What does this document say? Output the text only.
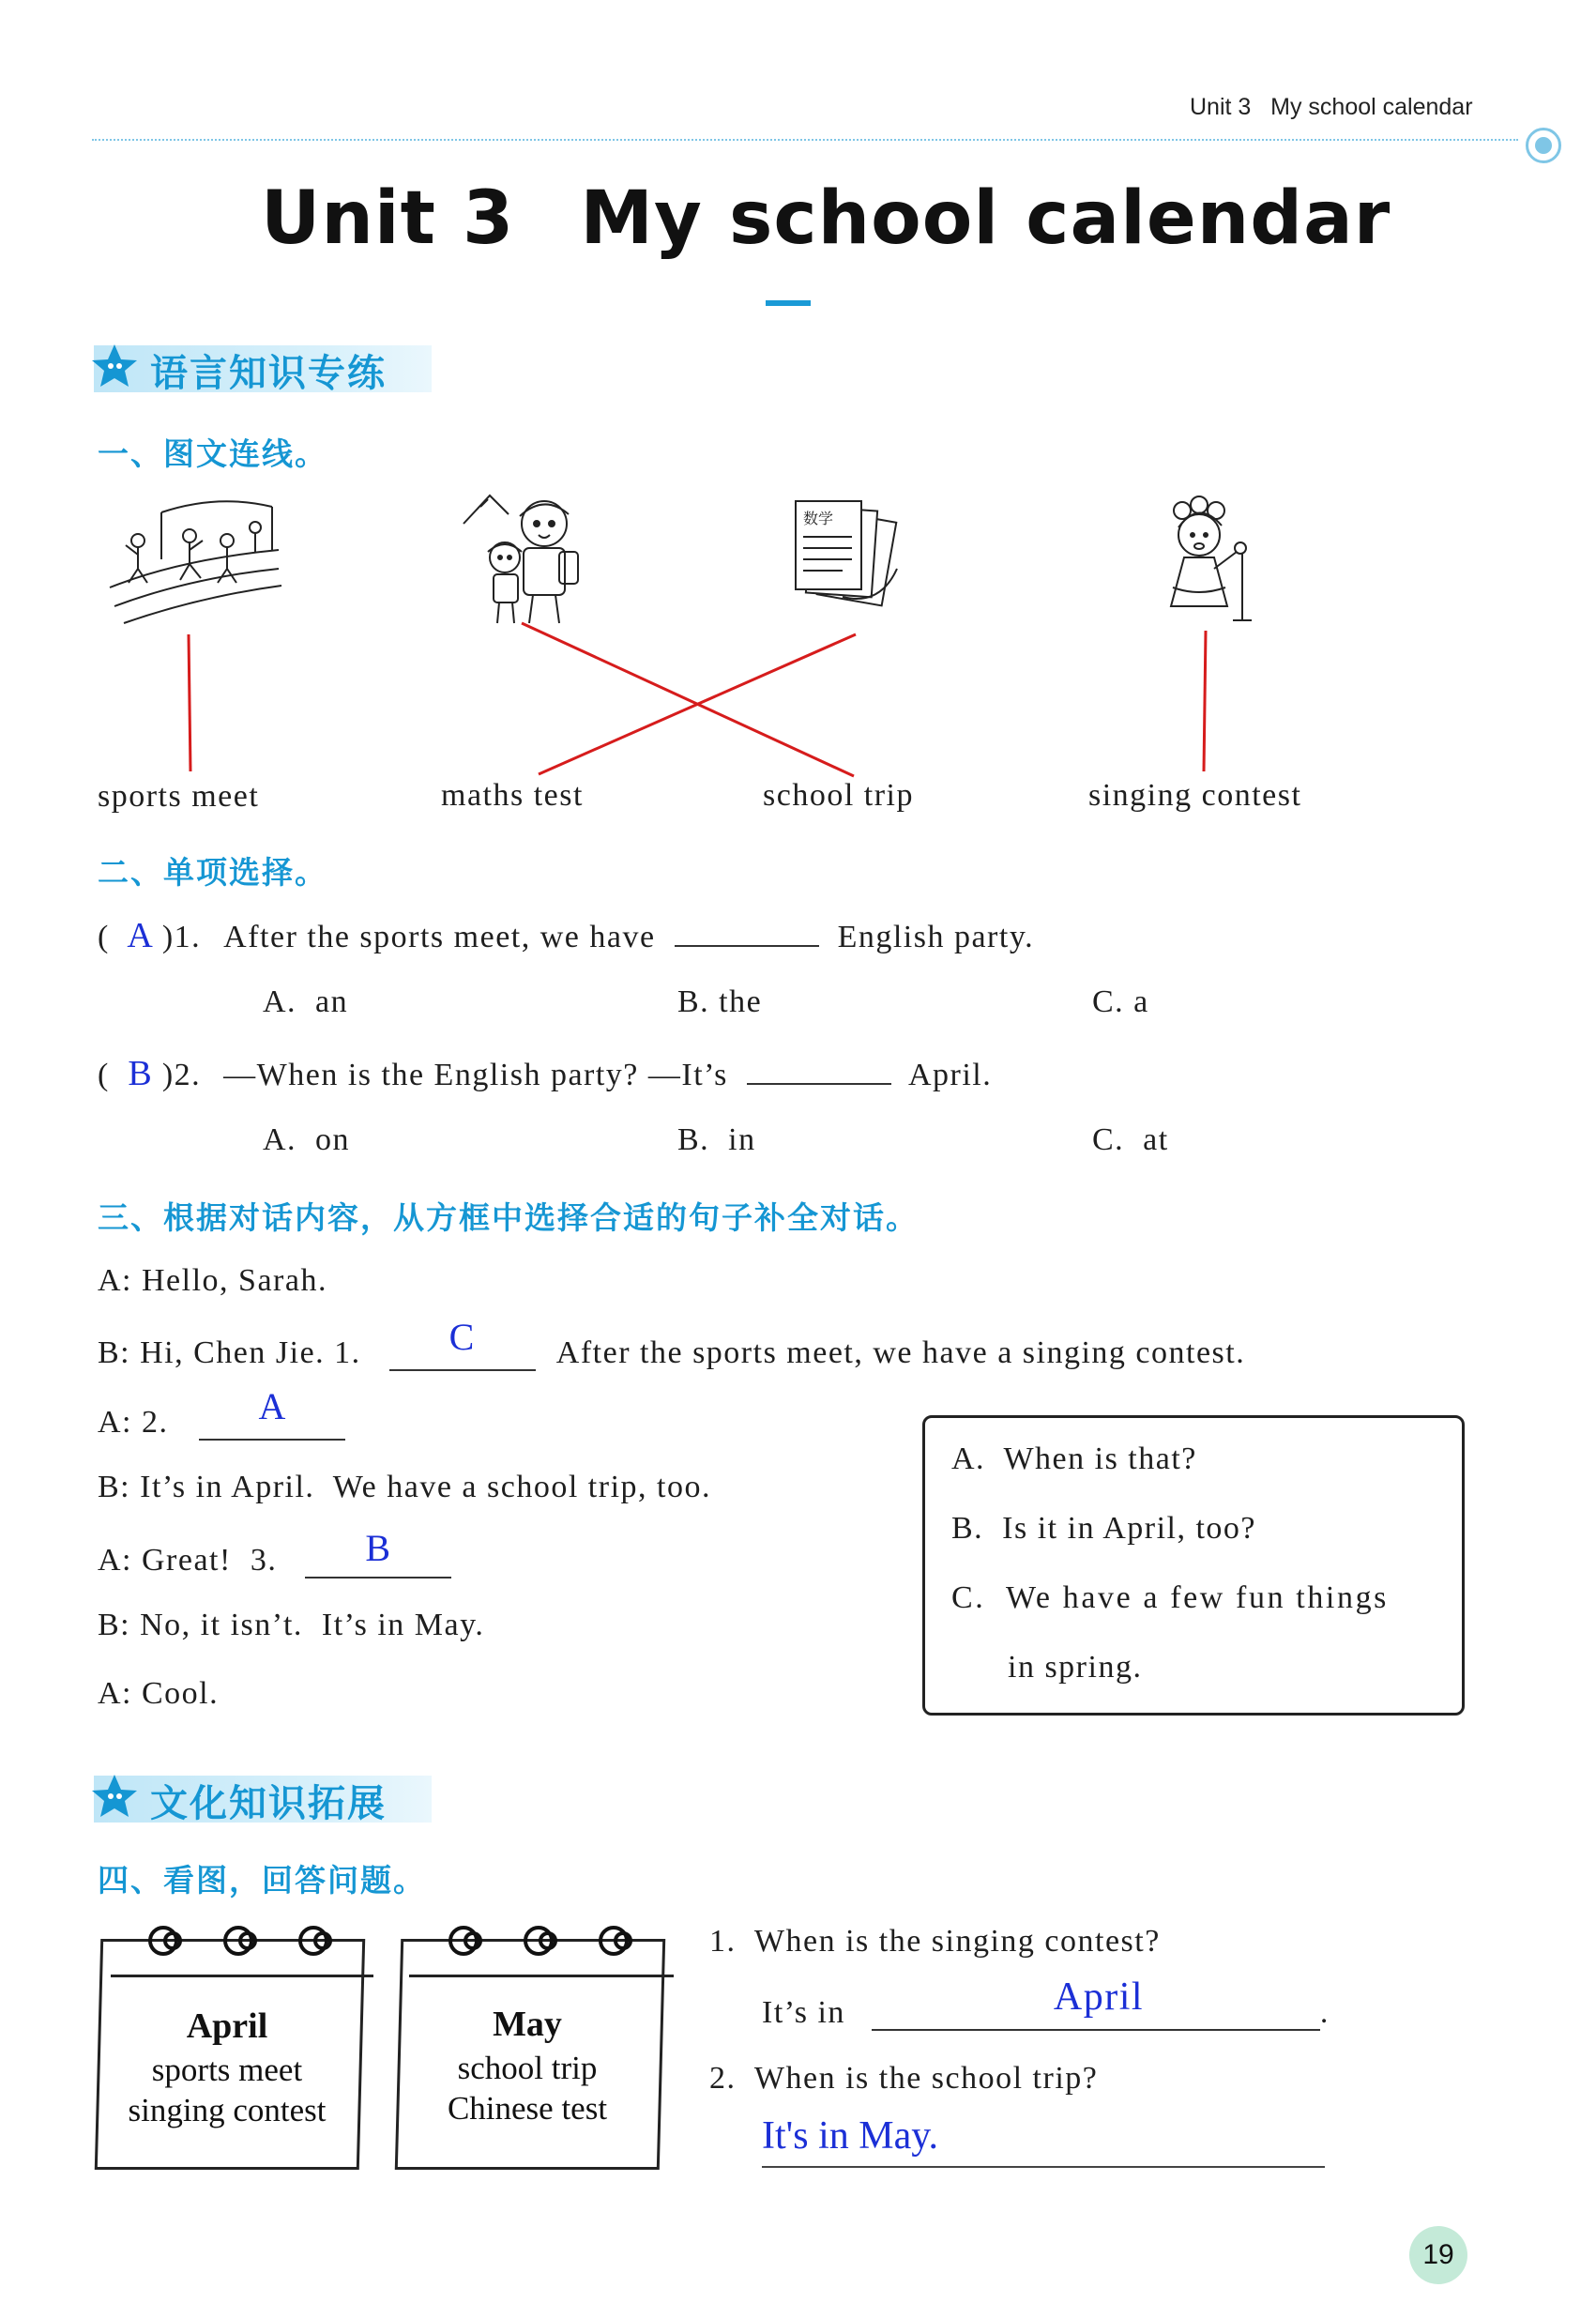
Unit 3   My school calendar
Unit 3 My school calendar
语言知识专练
一、图文连线。
数学
sports meet	maths test	school trip	singing contest
二、单项选择。
( A )1. After the sports meet, we have	English party.
A.  an	B. the	C. a
( B )2. —When is the English party? —It’s	April.
A.  on	B.  in	C.  at
三、根据对话内容，从方框中选择合适的句子补全对话。
A: Hello, Sarah.
B: Hi, Chen Jie. 1. C	After the sports meet, we have a singing contest.
A: 2. A
B: It’s in April.  We have a school trip, too.
A: Great!  3. B
B: No, it isn’t.  It’s in May.
A: Cool.
A.  When is that?
B.  Is it in April, too?
C.  We have a few fun things
in spring.
文化知识拓展
四、看图，回答问题。
April
sports meet
singing contest
May
school trip
Chinese test
1.  When is the singing contest?
It’s in	April	.
2.  When is the school trip?
It's in May.
19
